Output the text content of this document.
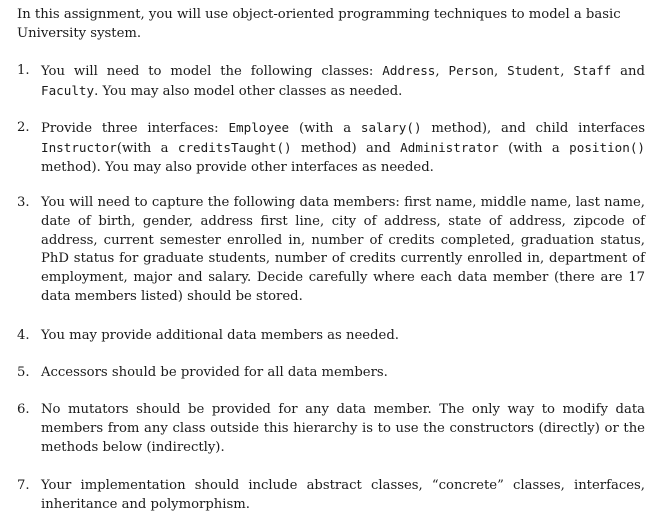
In this assignment, you will use object-oriented programming techniques to model a basic University system.

1. You will need to model the following classes: Address, Person, Student, Staff and Faculty. You may also model other classes as needed.
2. Provide three interfaces: Employee (with a salary() method), and child interfaces Instructor(with a creditsTaught() method) and Administrator (with a position() method). You may also provide other interfaces as needed.
3. You will need to capture the following data members: first name, middle name, last name, date of birth, gender, address first line, city of address, state of address, zipcode of address, current semester enrolled in, number of credits completed, graduation status, PhD status for graduate students, number of credits currently enrolled in, department of employment, major and salary. Decide carefully where each data member (there are 17 data members listed) should be stored.
4. You may provide additional data members as needed.
5. Accessors should be provided for all data members.
6. No mutators should be provided for any data member. The only way to modify data members from any class outside this hierarchy is to use the constructors (directly) or the methods below (indirectly).
7. Your implementation should include abstract classes, “concrete” classes, interfaces, inheritance and polymorphism.
